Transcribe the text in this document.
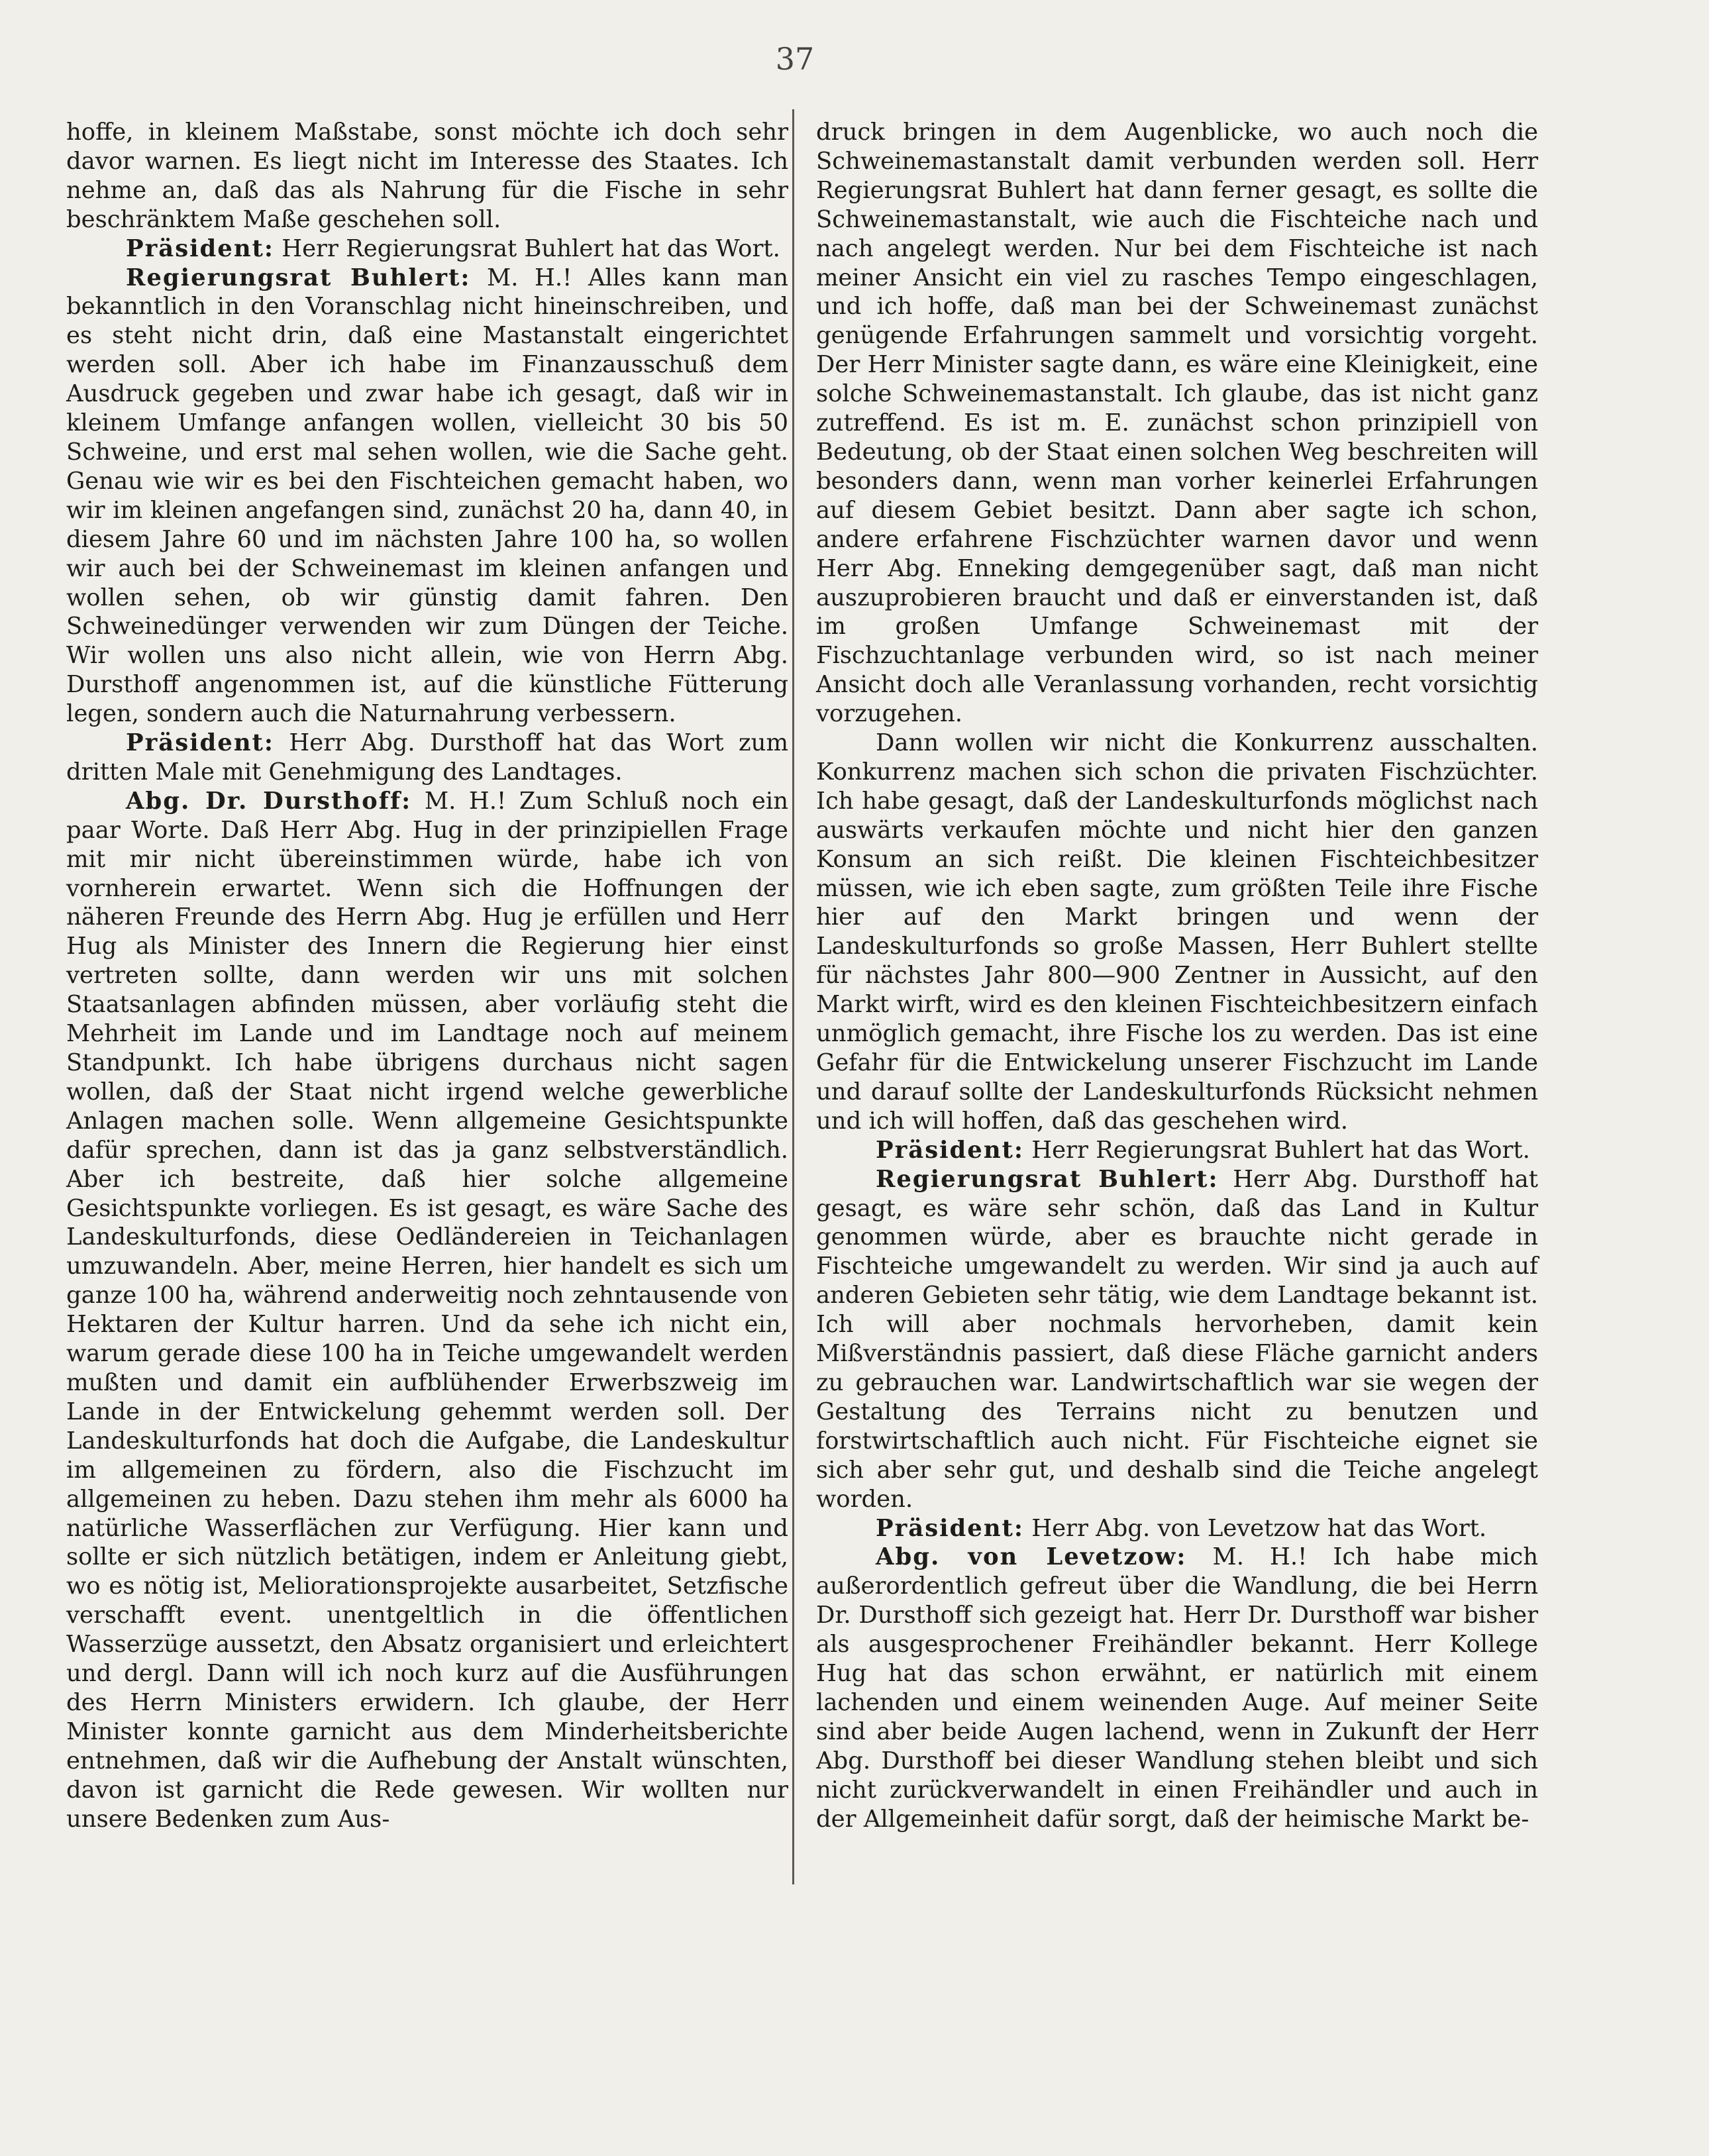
37

hoffe, in kleinem Maßstabe, sonst möchte ich doch sehr davor warnen. Es liegt nicht im Interesse des Staates. Ich nehme an, daß das als Nahrung für die Fische in sehr beschränktem Maße geschehen soll.

Präsident: Herr Regierungsrat Buhlert hat das Wort.

Regierungsrat Buhlert: M. H.! Alles kann man bekanntlich in den Voranschlag nicht hineinschreiben, und es steht nicht drin, daß eine Mastanstalt eingerichtet werden soll. Aber ich habe im Finanzausschuß dem Ausdruck gegeben und zwar habe ich gesagt, daß wir in kleinem Umfange anfangen wollen, vielleicht 30 bis 50 Schweine, und erst mal sehen wollen, wie die Sache geht. Genau wie wir es bei den Fischteichen gemacht haben, wo wir im kleinen angefangen sind, zunächst 20 ha, dann 40, in diesem Jahre 60 und im nächsten Jahre 100 ha, so wollen wir auch bei der Schweinemast im kleinen anfangen und wollen sehen, ob wir günstig damit fahren. Den Schweinedünger verwenden wir zum Düngen der Teiche. Wir wollen uns also nicht allein, wie von Herrn Abg. Dursthoff angenommen ist, auf die künstliche Fütterung legen, sondern auch die Naturnahrung verbessern.

Präsident: Herr Abg. Dursthoff hat das Wort zum dritten Male mit Genehmigung des Landtages.

Abg. Dr. Dursthoff: M. H.! Zum Schluß noch ein paar Worte. Daß Herr Abg. Hug in der prinzipiellen Frage mit mir nicht übereinstimmen würde, habe ich von vornherein erwartet. Wenn sich die Hoffnungen der näheren Freunde des Herrn Abg. Hug je erfüllen und Herr Hug als Minister des Innern die Regierung hier einst vertreten sollte, dann werden wir uns mit solchen Staatsanlagen abfinden müssen, aber vorläufig steht die Mehrheit im Lande und im Landtage noch auf meinem Standpunkt. Ich habe übrigens durchaus nicht sagen wollen, daß der Staat nicht irgend welche gewerbliche Anlagen machen solle. Wenn allgemeine Gesichtspunkte dafür sprechen, dann ist das ja ganz selbstverständlich. Aber ich bestreite, daß hier solche allgemeine Gesichtspunkte vorliegen. Es ist gesagt, es wäre Sache des Landeskulturfonds, diese Oedländereien in Teichanlagen umzuwandeln. Aber, meine Herren, hier handelt es sich um ganze 100 ha, während anderweitig noch zehntausende von Hektaren der Kultur harren. Und da sehe ich nicht ein, warum gerade diese 100 ha in Teiche umgewandelt werden mußten und damit ein aufblühender Erwerbszweig im Lande in der Entwickelung gehemmt werden soll. Der Landeskulturfonds hat doch die Aufgabe, die Landeskultur im allgemeinen zu fördern, also die Fischzucht im allgemeinen zu heben. Dazu stehen ihm mehr als 6000 ha natürliche Wasserflächen zur Verfügung. Hier kann und sollte er sich nützlich betätigen, indem er Anleitung giebt, wo es nötig ist, Meliorationsprojekte ausarbeitet, Setzfische verschafft event. unentgeltlich in die öffentlichen Wasserzüge aussetzt, den Absatz organisiert und erleichtert und dergl. Dann will ich noch kurz auf die Ausführungen des Herrn Ministers erwidern. Ich glaube, der Herr Minister konnte garnicht aus dem Minderheitsberichte entnehmen, daß wir die Aufhebung der Anstalt wünschten, davon ist garnicht die Rede gewesen. Wir wollten nur unsere Bedenken zum Aus-

druck bringen in dem Augenblicke, wo auch noch die Schweinemastanstalt damit verbunden werden soll. Herr Regierungsrat Buhlert hat dann ferner gesagt, es sollte die Schweinemastanstalt, wie auch die Fischteiche nach und nach angelegt werden. Nur bei dem Fischteiche ist nach meiner Ansicht ein viel zu rasches Tempo eingeschlagen, und ich hoffe, daß man bei der Schweinemast zunächst genügende Erfahrungen sammelt und vorsichtig vorgeht. Der Herr Minister sagte dann, es wäre eine Kleinigkeit, eine solche Schweinemastanstalt. Ich glaube, das ist nicht ganz zutreffend. Es ist m. E. zunächst schon prinzipiell von Bedeutung, ob der Staat einen solchen Weg beschreiten will besonders dann, wenn man vorher keinerlei Erfahrungen auf diesem Gebiet besitzt. Dann aber sagte ich schon, andere erfahrene Fischzüchter warnen davor und wenn Herr Abg. Enneking demgegenüber sagt, daß man nicht auszuprobieren braucht und daß er einverstanden ist, daß im großen Umfange Schweinemast mit der Fischzuchtanlage verbunden wird, so ist nach meiner Ansicht doch alle Veranlassung vorhanden, recht vorsichtig vorzugehen.

Dann wollen wir nicht die Konkurrenz ausschalten. Konkurrenz machen sich schon die privaten Fischzüchter. Ich habe gesagt, daß der Landeskulturfonds möglichst nach auswärts verkaufen möchte und nicht hier den ganzen Konsum an sich reißt. Die kleinen Fischteichbesitzer müssen, wie ich eben sagte, zum größten Teile ihre Fische hier auf den Markt bringen und wenn der Landeskulturfonds so große Massen, Herr Buhlert stellte für nächstes Jahr 800—900 Zentner in Aussicht, auf den Markt wirft, wird es den kleinen Fischteichbesitzern einfach unmöglich gemacht, ihre Fische los zu werden. Das ist eine Gefahr für die Entwickelung unserer Fischzucht im Lande und darauf sollte der Landeskulturfonds Rücksicht nehmen und ich will hoffen, daß das geschehen wird.

Präsident: Herr Regierungsrat Buhlert hat das Wort.

Regierungsrat Buhlert: Herr Abg. Dursthoff hat gesagt, es wäre sehr schön, daß das Land in Kultur genommen würde, aber es brauchte nicht gerade in Fischteiche umgewandelt zu werden. Wir sind ja auch auf anderen Gebieten sehr tätig, wie dem Landtage bekannt ist. Ich will aber nochmals hervorheben, damit kein Mißverständnis passiert, daß diese Fläche garnicht anders zu gebrauchen war. Landwirtschaftlich war sie wegen der Gestaltung des Terrains nicht zu benutzen und forstwirtschaftlich auch nicht. Für Fischteiche eignet sie sich aber sehr gut, und deshalb sind die Teiche angelegt worden.

Präsident: Herr Abg. von Levetzow hat das Wort.

Abg. von Levetzow: M. H.! Ich habe mich außerordentlich gefreut über die Wandlung, die bei Herrn Dr. Dursthoff sich gezeigt hat. Herr Dr. Dursthoff war bisher als ausgesprochener Freihändler bekannt. Herr Kollege Hug hat das schon erwähnt, er natürlich mit einem lachenden und einem weinenden Auge. Auf meiner Seite sind aber beide Augen lachend, wenn in Zukunft der Herr Abg. Dursthoff bei dieser Wandlung stehen bleibt und sich nicht zurückverwandelt in einen Freihändler und auch in der Allgemeinheit dafür sorgt, daß der heimische Markt be-
